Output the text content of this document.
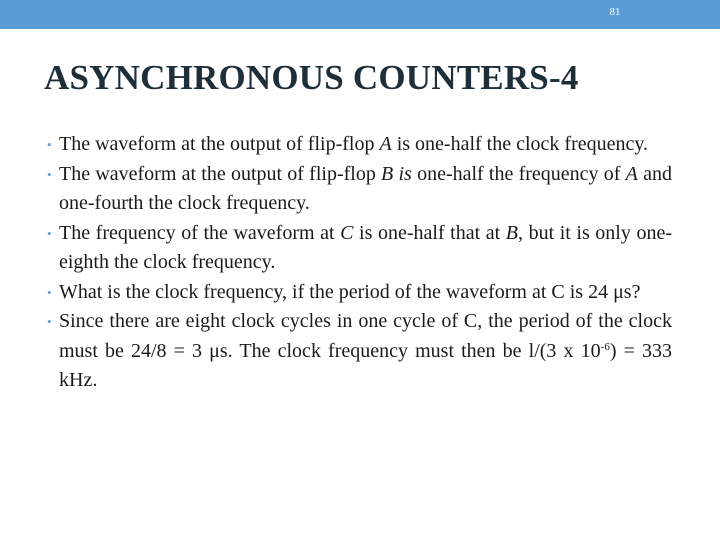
81
ASYNCHRONOUS COUNTERS-4
• The waveform at the output of flip-flop A is one-half the clock frequency.
• The waveform at the output of flip-flop B is one-half the frequency of A and one-fourth the clock frequency.
• The frequency of the waveform at C is one-half that at B, but it is only one-eighth the clock frequency.
• What is the clock frequency, if the period of the waveform at C is 24 μs?
• Since there are eight clock cycles in one cycle of C, the period of the clock must be 24/8 = 3 μs. The clock frequency must then be l/(3 x $10^{-6}) = 333$ kHz.
